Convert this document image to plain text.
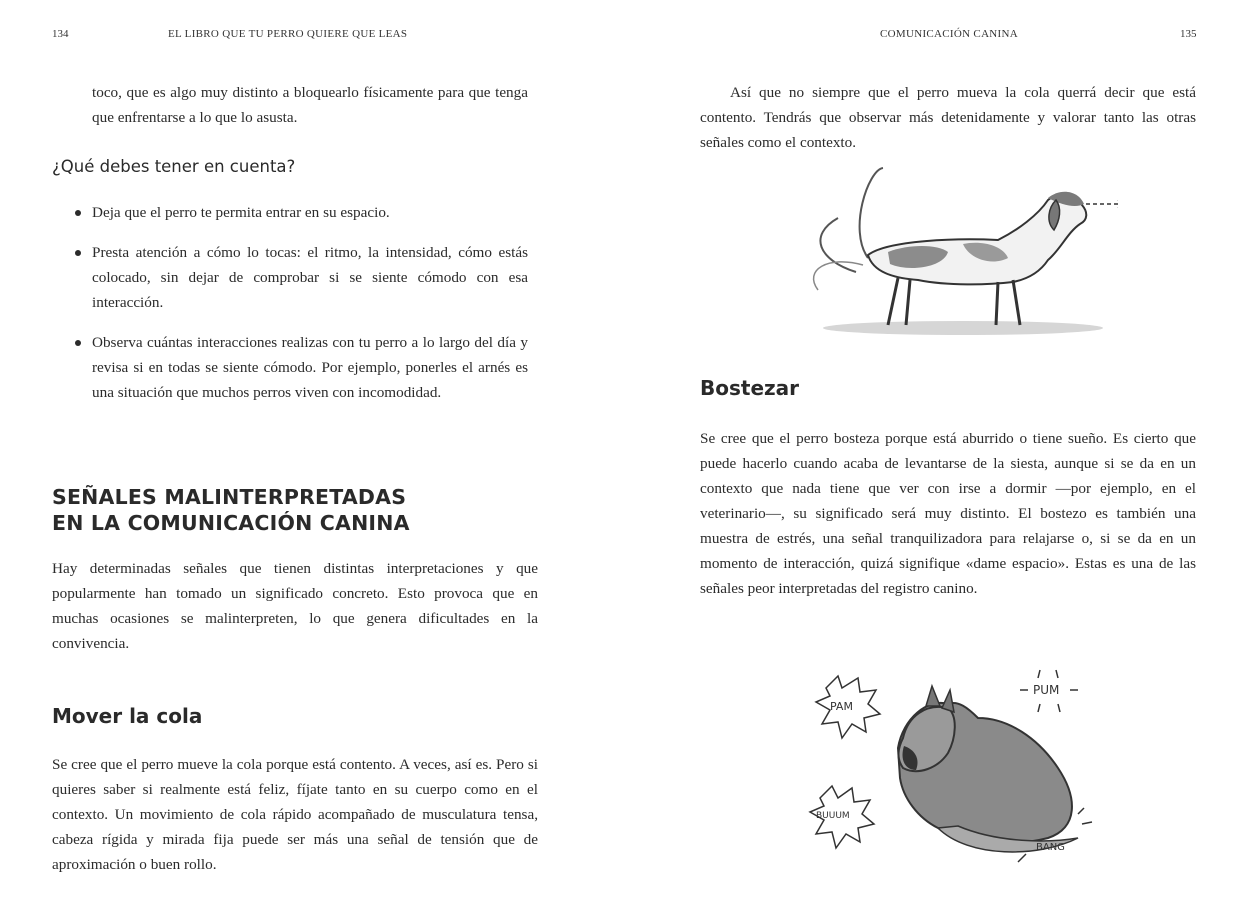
134	EL LIBRO QUE TU PERRO QUIERE QUE LEAS

toco, que es algo muy distinto a bloquearlo físicamente para que tenga que enfrentarse a lo que lo asusta.

¿Qué debes tener en cuenta?
Deja que el perro te permita entrar en su espacio.
Presta atención a cómo lo tocas: el ritmo, la intensidad, cómo estás colocado, sin dejar de comprobar si se siente cómodo con esa interacción.
Observa cuántas interacciones realizas con tu perro a lo largo del día y revisa si en todas se siente cómodo. Por ejemplo, ponerles el arnés es una situación que muchos perros viven con incomodidad.
SEÑALES MALINTERPRETADAS
EN LA COMUNICACIÓN CANINA

Hay determinadas señales que tienen distintas interpretaciones y que popularmente han tomado un significado concreto. Esto provoca que en muchas ocasiones se malinterpreten, lo que genera dificultades en la convivencia.

Mover la cola

Se cree que el perro mueve la cola porque está contento. A veces, así es. Pero si quieres saber si realmente está feliz, fíjate tanto en su cuerpo como en el contexto. Un movimiento de cola rápido acompañado de musculatura tensa, cabeza rígida y mirada fija puede ser más una señal de tensión que de aproximación o buen rollo.

COMUNICACIÓN CANINA	135

Así que no siempre que el perro mueva la cola querrá decir que está contento. Tendrás que observar más detenidamente y valorar tanto las otras señales como el contexto.

Bostezar

Se cree que el perro bosteza porque está aburrido o tiene sueño. Es cierto que puede hacerlo cuando acaba de levantarse de la siesta, aunque si se da en un contexto que nada tiene que ver con irse a dormir —por ejemplo, en el veterinario—, su significado será muy distinto. El bostezo es también una muestra de estrés, una señal tranquilizadora para relajarse o, si se da en un momento de interacción, quizá signifique «dame espacio». Estas es una de las señales peor interpretadas del registro canino.

PAM
BUUUM
PUM
BANG
